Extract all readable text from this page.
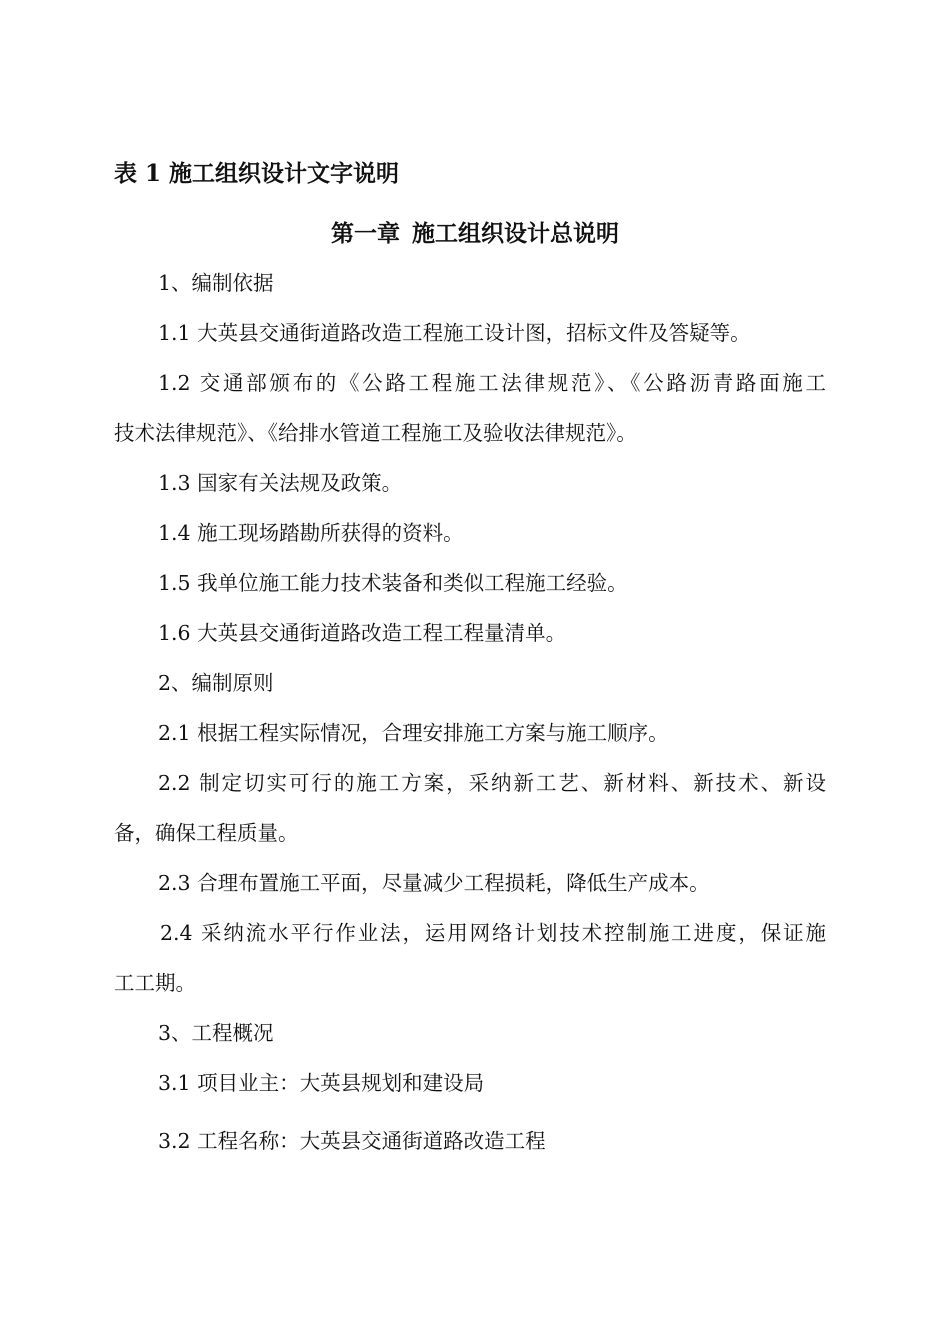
表 1 施工组织设计文字说明
第一章 施工组织设计总说明
1、编制依据
1.1 大英县交通街道路改造工程施工设计图，招标文件及答疑等。
1.2 交通部颁布的《公路工程施工法律规范》、《公路沥青路面施工
技术法律规范》、《给排水管道工程施工及验收法律规范》。
1.3 国家有关法规及政策。
1.4 施工现场踏勘所获得的资料。
1.5 我单位施工能力技术装备和类似工程施工经验。
1.6 大英县交通街道路改造工程工程量清单。
2、编制原则
2.1 根据工程实际情况，合理安排施工方案与施工顺序。
2.2 制定切实可行的施工方案，采纳新工艺、新材料、新技术、新设
备，确保工程质量。
2.3 合理布置施工平面，尽量减少工程损耗，降低生产成本。
2.4 采纳流水平行作业法，运用网络计划技术控制施工进度，保证施
工工期。
3、工程概况
3.1 项目业主：大英县规划和建设局
3.2 工程名称：大英县交通街道路改造工程
